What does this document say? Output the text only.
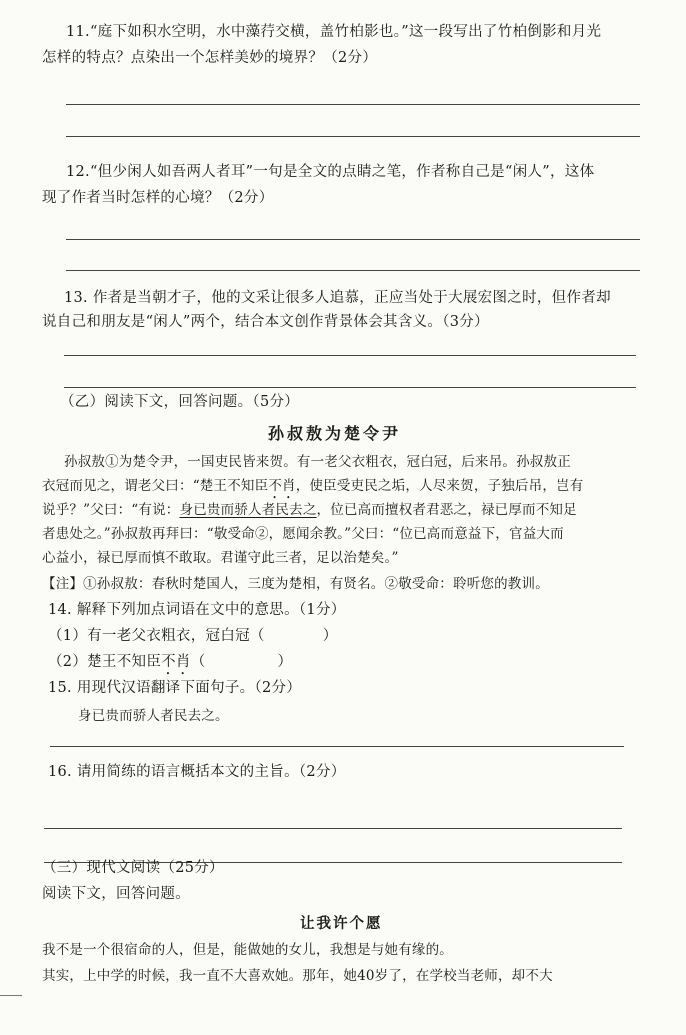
11.“庭下如积水空明，水中藻荇交横，盖竹柏影也。”这一段写出了竹柏倒影和月光
怎样的特点？点染出一个怎样美妙的境界？（2分）
12.“但少闲人如吾两人者耳”一句是全文的点睛之笔，作者称自己是“闲人”，这体
现了作者当时怎样的心境？（2分）
13. 作者是当朝才子，他的文采让很多人追慕，正应当处于大展宏图之时，但作者却
说自己和朋友是“闲人”两个，结合本文创作背景体会其含义。（3分）
（乙）阅读下文，回答问题。（5分）
孙叔敖为楚令尹
孙叔敖①为楚令尹，一国吏民皆来贺。有一老父衣粗衣，冠白冠，后来吊。孙叔敖正
衣冠而见之，谓老父曰：“楚王不知臣不肖，使臣受吏民之垢，人尽来贺，子独后吊，岂有
说乎？”父曰：“有说：身已贵而骄人者民去之，位已高而擅权者君恶之，禄已厚而不知足
者患处之。”孙叔敖再拜曰：“敬受命②，愿闻余教。”父曰：“位已高而意益下，官益大而
心益小，禄已厚而慎不敢取。君谨守此三者，足以治楚矣。”
【注】①孙叔敖：春秋时楚国人，三度为楚相，有贤名。②敬受命：聆听您的教训。
14. 解释下列加点词语在文中的意思。（1分）
（1）有一老父衣粗衣，冠白冠（	）
（2）楚王不知臣不肖（	）
15. 用现代汉语翻译下面句子。（2分）
身已贵而骄人者民去之。
16. 请用简练的语言概括本文的主旨。（2分）
（三）现代文阅读（25分）
阅读下文，回答问题。
让我许个愿
我不是一个很宿命的人，但是，能做她的女儿，我想是与她有缘的。
其实，上中学的时候，我一直不大喜欢她。那年，她40岁了，在学校当老师，却不大
